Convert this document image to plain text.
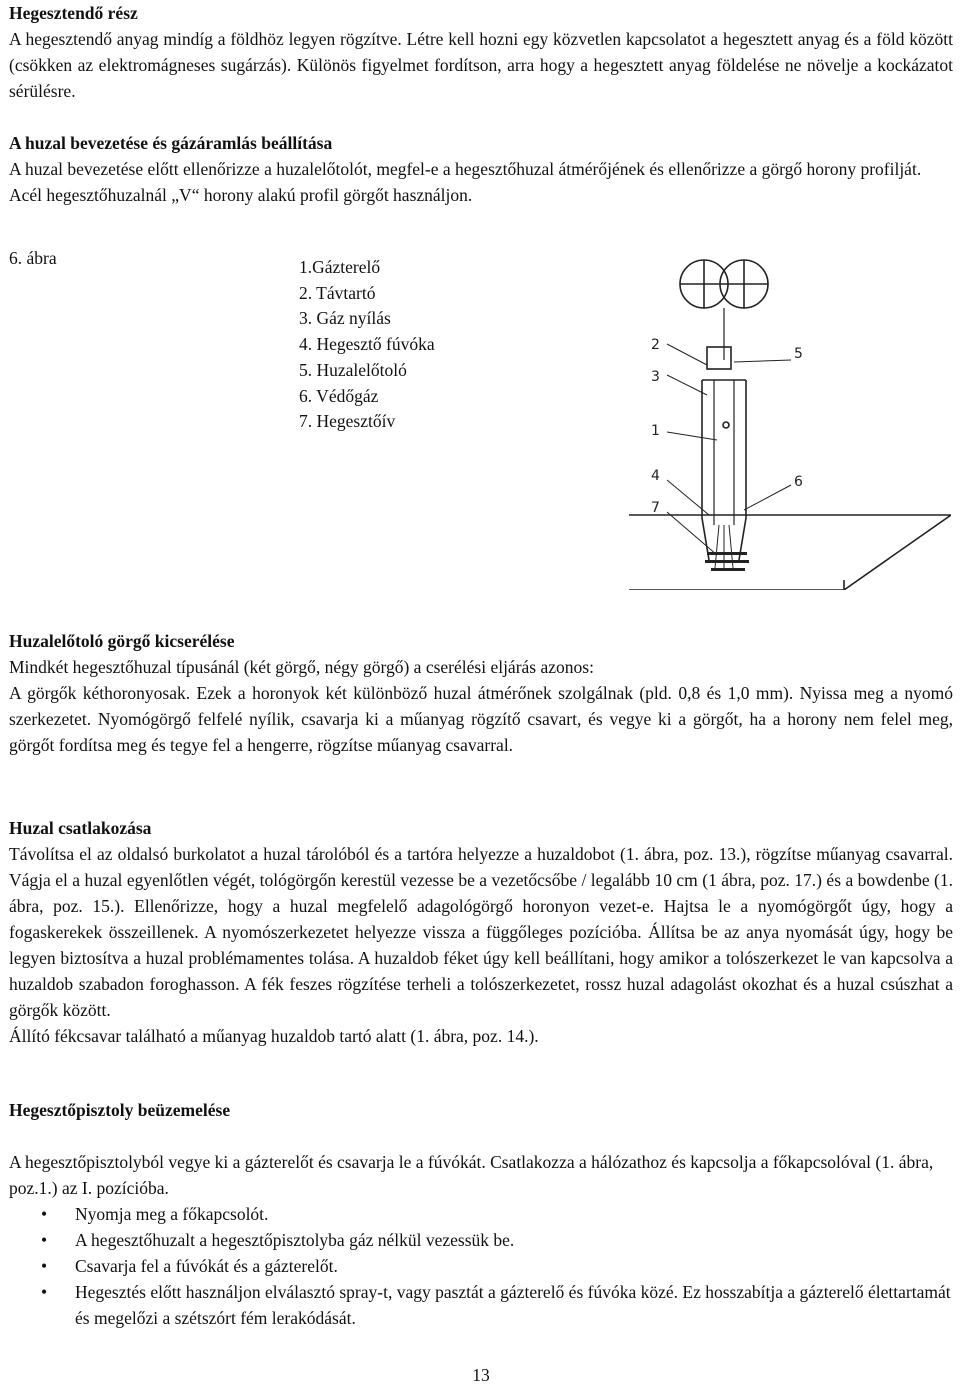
Hegesztendő rész

A hegesztendő anyag mindíg a földhöz legyen rögzítve. Létre kell hozni egy közvetlen kapcsolatot a hegesztett anyag és a föld között (csökken az elektromágneses sugárzás). Különös figyelmet fordítson, arra hogy a hegesztett anyag földelése ne növelje a kockázatot sérülésre.

A huzal bevezetése és gázáramlás beállítása

A huzal bevezetése előtt ellenőrizze a huzalelőtolót, megfel-e a hegesztőhuzal átmérőjének és ellenőrizze a görgő horony profilját. Acél hegesztőhuzalnál „V“ horony alakú profil görgőt használjon.

6. ábra	1.Gázterelő
2. Távtartó
3. Gáz nyílás
4. Hegesztő fúvóka
5. Huzalelőtoló
6. Védőgáz
7. Hegesztőív
2
3
1
4
7
5
6
Huzalelőtoló görgő kicserélése

Mindkét hegesztőhuzal típusánál (két görgő, négy görgő) a cserélési eljárás azonos:

A görgők kéthoronyosak. Ezek a horonyok két különböző huzal átmérőnek szolgálnak (pld. 0,8 és 1,0 mm). Nyissa meg a nyomó szerkezetet. Nyomógörgő felfelé nyílik, csavarja ki a műanyag rögzítő csavart, és vegye ki a görgőt, ha a horony nem felel meg, görgőt fordítsa meg és tegye fel a hengerre, rögzítse műanyag csavarral.

Huzal csatlakozása

Távolítsa el az oldalsó burkolatot a huzal tárolóból és a tartóra helyezze a huzaldobot (1. ábra, poz. 13.), rögzítse műanyag csavarral. Vágja el a huzal egyenlőtlen végét, tológörgőn kerestül vezesse be a vezetőcsőbe / legalább 10 cm (1 ábra, poz. 17.) és a bowdenbe (1. ábra, poz. 15.). Ellenőrizze, hogy a huzal megfelelő adagológörgő horonyon vezet-e. Hajtsa le a nyomógörgőt úgy, hogy a fogaskerekek összeillenek. A nyomószerkezetet helyezze vissza a függőleges pozícióba. Állítsa be az anya nyomását úgy, hogy be legyen biztosítva a huzal problémamentes tolása. A huzaldob féket úgy kell beállítani, hogy amikor a tolószerkezet le van kapcsolva a huzaldob szabadon foroghasson. A fék feszes rögzítése terheli a tolószerkezetet, rossz huzal adagolást okozhat és a huzal csúszhat a görgők között.

Állító fékcsavar található a műanyag huzaldob tartó alatt (1. ábra, poz. 14.).

Hegesztőpisztoly beüzemelése

A hegesztőpisztolyból vegye ki a gázterelőt és csavarja le a fúvókát. Csatlakozza a hálózathoz és kapcsolja a főkapcsolóval (1. ábra, poz.1.) az I. pozícióba.

• Nyomja meg a főkapcsolót.
• A hegesztőhuzalt a hegesztőpisztolyba gáz nélkül vezessük be.
• Csavarja fel a fúvókát és a gázterelőt.
• Hegesztés előtt használjon elválasztó spray-t, vagy pasztát a gázterelő és fúvóka közé. Ez hosszabítja a gázterelő élettartamát és megelőzi a szétszórt fém lerakódását.
13
